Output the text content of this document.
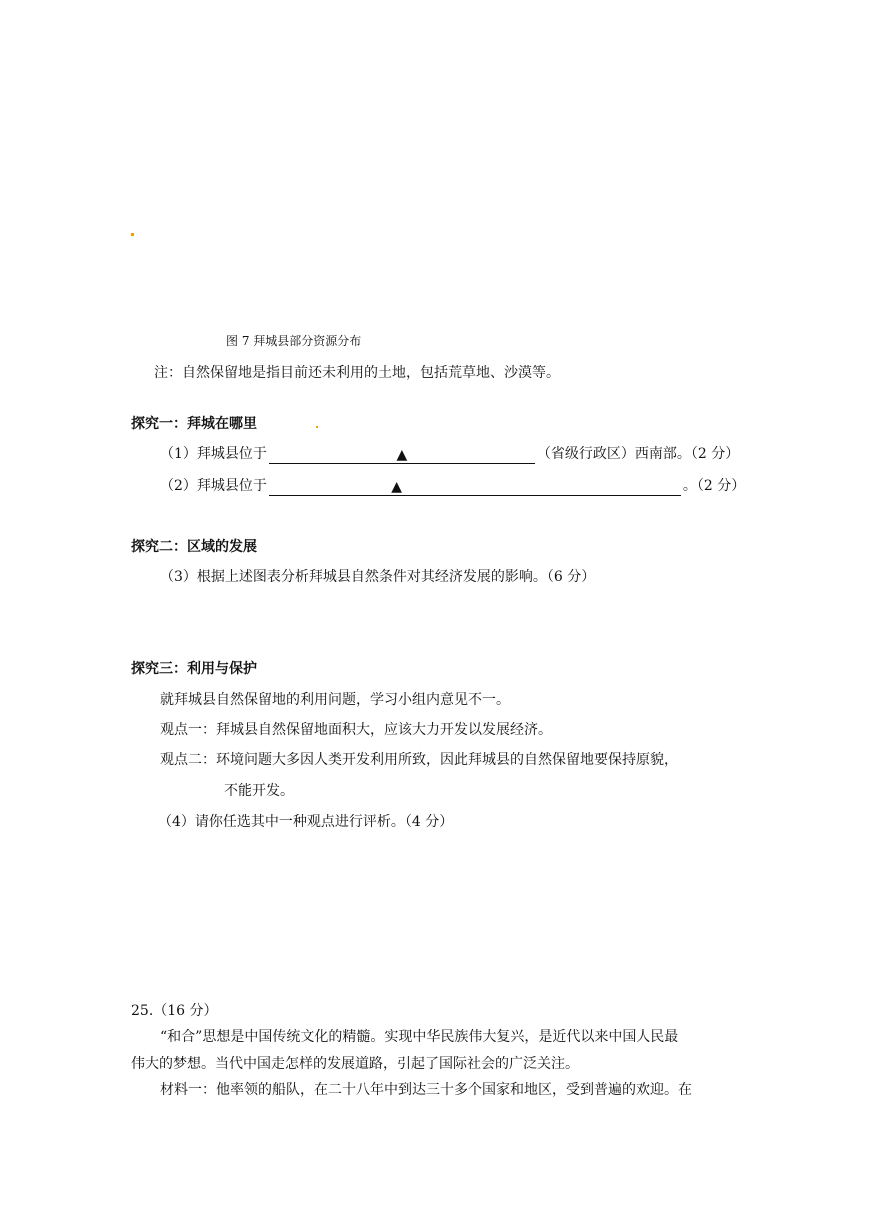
图 7 拜城县部分资源分布
注：自然保留地是指目前还未利用的土地，包括荒草地、沙漠等。
探究一：拜城在哪里
（1）拜城县位于	▲	（省级行政区）西南部。（2 分）
（2）拜城县位于	▲	。（2 分）
探究二：区域的发展
（3）根据上述图表分析拜城县自然条件对其经济发展的影响。（6 分）
探究三：利用与保护
就拜城县自然保留地的利用问题，学习小组内意见不一。
观点一：拜城县自然保留地面积大，应该大力开发以发展经济。
观点二：环境问题大多因人类开发利用所致，因此拜城县的自然保留地要保持原貌，
不能开发。
（4）请你任选其中一种观点进行评析。（4 分）
25.（16 分）
“和合”思想是中国传统文化的精髓。实现中华民族伟大复兴，是近代以来中国人民最
伟大的梦想。当代中国走怎样的发展道路，引起了国际社会的广泛关注。
材料一：他率领的船队，在二十八年中到达三十多个国家和地区，受到普遍的欢迎。在
